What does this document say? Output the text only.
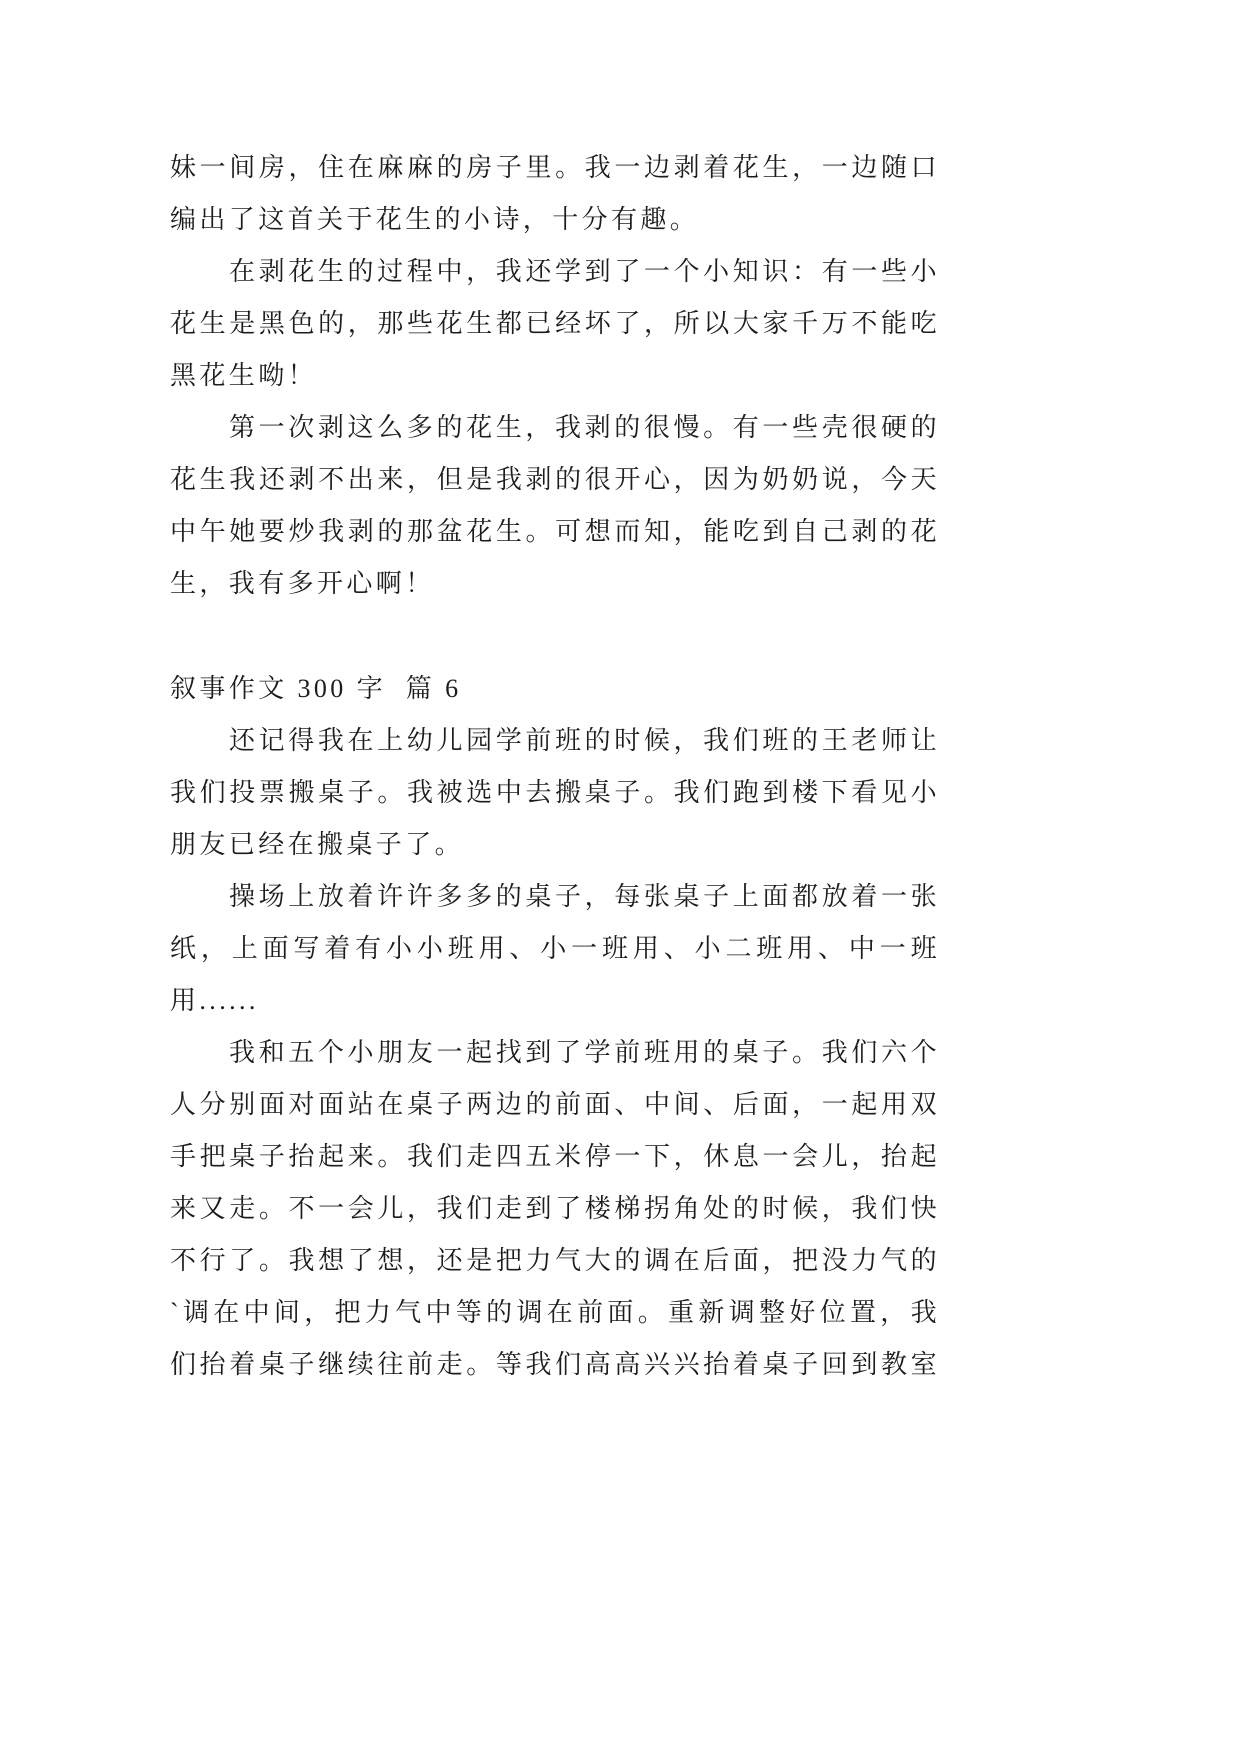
妹一间房，住在麻麻的房子里。我一边剥着花生，一边随口
编出了这首关于花生的小诗，十分有趣。
在剥花生的过程中，我还学到了一个小知识：有一些小
花生是黑色的，那些花生都已经坏了，所以大家千万不能吃
黑花生呦！
第一次剥这么多的花生，我剥的很慢。有一些壳很硬的
花生我还剥不出来，但是我剥的很开心，因为奶奶说，今天
中午她要炒我剥的那盆花生。可想而知，能吃到自己剥的花
生，我有多开心啊！
叙事作文 300 字  篇 6
还记得我在上幼儿园学前班的时候，我们班的王老师让
我们投票搬桌子。我被选中去搬桌子。我们跑到楼下看见小
朋友已经在搬桌子了。
操场上放着许许多多的桌子，每张桌子上面都放着一张
纸，上面写着有小小班用、小一班用、小二班用、中一班
用......
我和五个小朋友一起找到了学前班用的桌子。我们六个
人分别面对面站在桌子两边的前面、中间、后面，一起用双
手把桌子抬起来。我们走四五米停一下，休息一会儿，抬起
来又走。不一会儿，我们走到了楼梯拐角处的时候，我们快
不行了。我想了想，还是把力气大的调在后面，把没力气的
`调在中间，把力气中等的调在前面。重新调整好位置，我
们抬着桌子继续往前走。等我们高高兴兴抬着桌子回到教室
